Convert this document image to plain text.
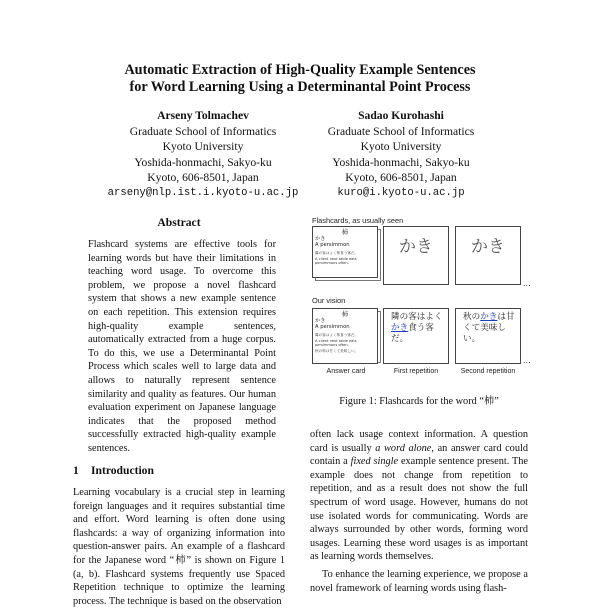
Automatic Extraction of High-Quality Example Sentences
for Word Learning Using a Determinantal Point Process
Arseny Tolmachev
Graduate School of Informatics
Kyoto University
Yoshida-honmachi, Sakyo-ku
Kyoto, 606-8501, Japan
arseny@nlp.ist.i.kyoto-u.ac.jp
Sadao Kurohashi
Graduate School of Informatics
Kyoto University
Yoshida-honmachi, Sakyo-ku
Kyoto, 606-8501, Japan
kuro@i.kyoto-u.ac.jp
Abstract
Flashcard systems are effective tools for learning words but have their limitations in teaching word usage. To overcome this problem, we propose a novel flashcard system that shows a new example sentence on each repetition. This extension requires high-quality example sentences, automatically extracted from a huge corpus. To do this, we use a Determinantal Point Process which scales well to large data and allows to naturally represent sentence similarity and quality as features. Our human evaluation experiment on Japanese language indicates that the proposed method successfully extracted high-quality example sentences.
1 Introduction
Learning vocabulary is a crucial step in learning foreign languages and it requires substantial time and effort. Word learning is often done using flashcards: a way of organizing information into question-answer pairs. An example of a flashcard for the Japanese word “柿” is shown on Figure 1 (a, b). Flashcard systems frequently use Spaced Repetition technique to optimize the learning process. The technique is based on the observation
Flashcards, as usually seen
柿
かき
A persimmon
隣の客はよく柿食う客だ。
A client next table eats persimmons often.
かき	かき
...
Our vision
柿
かき
A persimmon
隣の客はよく柿食う客だ。
A client next table eats persimmons often.
秋の柿は甘くて美味しい。
隣の客はよくかき食う客だ。
秋のかきは甘くて美味しい。
...
Answer card	First repetition	Second repetition
Figure 1: Flashcards for the word “柿”

often lack usage context information. A question card is usually a word alone, an answer card could contain a fixed single example sentence present. The example does not change from repetition to repetition, and as a result does not show the full spectrum of word usage. However, humans do not use isolated words for communicating. Words are always surrounded by other words, forming word usages. Learning these word usages is as important as learning words themselves.

To enhance the learning experience, we propose a novel framework of learning words using flash-
